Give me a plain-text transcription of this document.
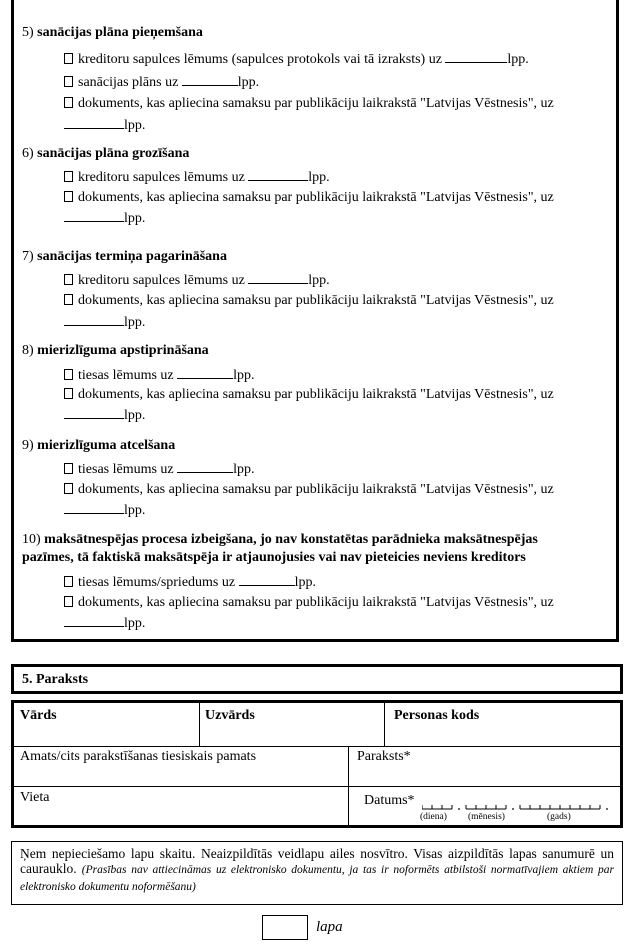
5) sanācijas plāna pieņemšana
kreditoru sapulces lēmums (sapulces protokols vai tā izraksts) uz	lpp.
sanācijas plāns uz	lpp.
dokuments, kas apliecina samaksu par publikāciju laikrakstā "Latvijas Vēstnesis", uz
lpp.
6) sanācijas plāna grozīšana
kreditoru sapulces lēmums uz	lpp.
dokuments, kas apliecina samaksu par publikāciju laikrakstā "Latvijas Vēstnesis", uz
lpp.
7) sanācijas termiņa pagarināšana
kreditoru sapulces lēmums uz	lpp.
dokuments, kas apliecina samaksu par publikāciju laikrakstā "Latvijas Vēstnesis", uz
lpp.
8) mierizlīguma apstiprināšana
tiesas lēmums uz	lpp.
dokuments, kas apliecina samaksu par publikāciju laikrakstā "Latvijas Vēstnesis", uz
lpp.
9) mierizlīguma atcelšana
tiesas lēmums uz	lpp.
dokuments, kas apliecina samaksu par publikāciju laikrakstā "Latvijas Vēstnesis", uz
lpp.
10) maksātnespējas procesa izbeigšana, jo nav konstatētas parādnieka maksātnespējas
pazīmes, tā faktiskā maksātspēja ir atjaunojusies vai nav pieteicies neviens kreditors
tiesas lēmums/spriedums uz	lpp.
dokuments, kas apliecina samaksu par publikāciju laikrakstā "Latvijas Vēstnesis", uz
lpp.
5. Paraksts
Vārds	Uzvārds	Personas kods
Amats/cits parakstīšanas tiesiskais pamats	Paraksts*
Vieta	Datums*
(diena) (mēnesis)	(gads)
Ņem nepieciešamo lapu skaitu. Neaizpildītās veidlapu ailes nosvītro. Visas aizpildītās lapas sanumurē un caurauklo. (Prasības nav attiecināmas uz elektronisko dokumentu, ja tas ir noformēts atbilstoši normatīvajiem aktiem par elektronisko dokumentu noformēšanu)
lapa
